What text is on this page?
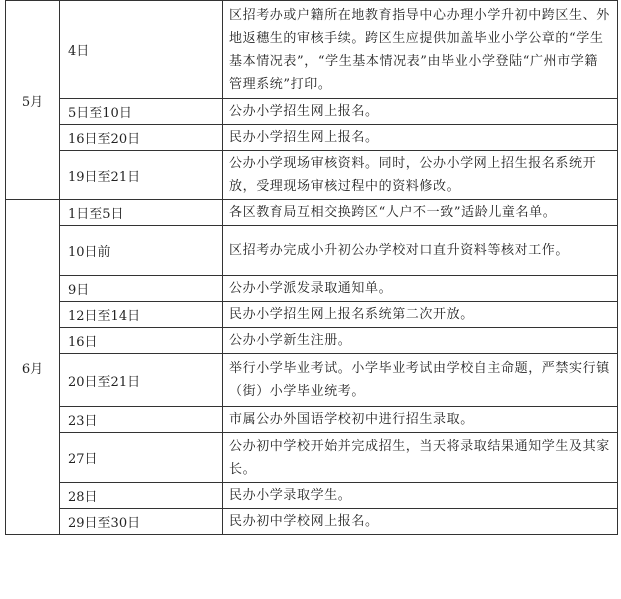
5月	4日	区招考办或户籍所在地教育指导中心办理小学升初中跨区生、外地返穗生的审核手续。跨区生应提供加盖毕业小学公章的“学生基本情况表”，“学生基本情况表”由毕业小学登陆“广州市学籍管理系统”打印。
	5日至10日	公办小学招生网上报名。
	16日至20日	民办小学招生网上报名。
	19日至21日	公办小学现场审核资料。同时，公办小学网上招生报名系统开放，受理现场审核过程中的资料修改。
6月	1日至5日	各区教育局互相交换跨区“人户不一致”适龄儿童名单。
	10日前	区招考办完成小升初公办学校对口直升资料等核对工作。
	9日	公办小学派发录取通知单。
	12日至14日	民办小学招生网上报名系统第二次开放。
	16日	公办小学新生注册。
	20日至21日	举行小学毕业考试。小学毕业考试由学校自主命题，严禁实行镇（街）小学毕业统考。
	23日	市属公办外国语学校初中进行招生录取。
	27日	公办初中学校开始并完成招生，当天将录取结果通知学生及其家长。
	28日	民办小学录取学生。
	29日至30日	民办初中学校网上报名。
